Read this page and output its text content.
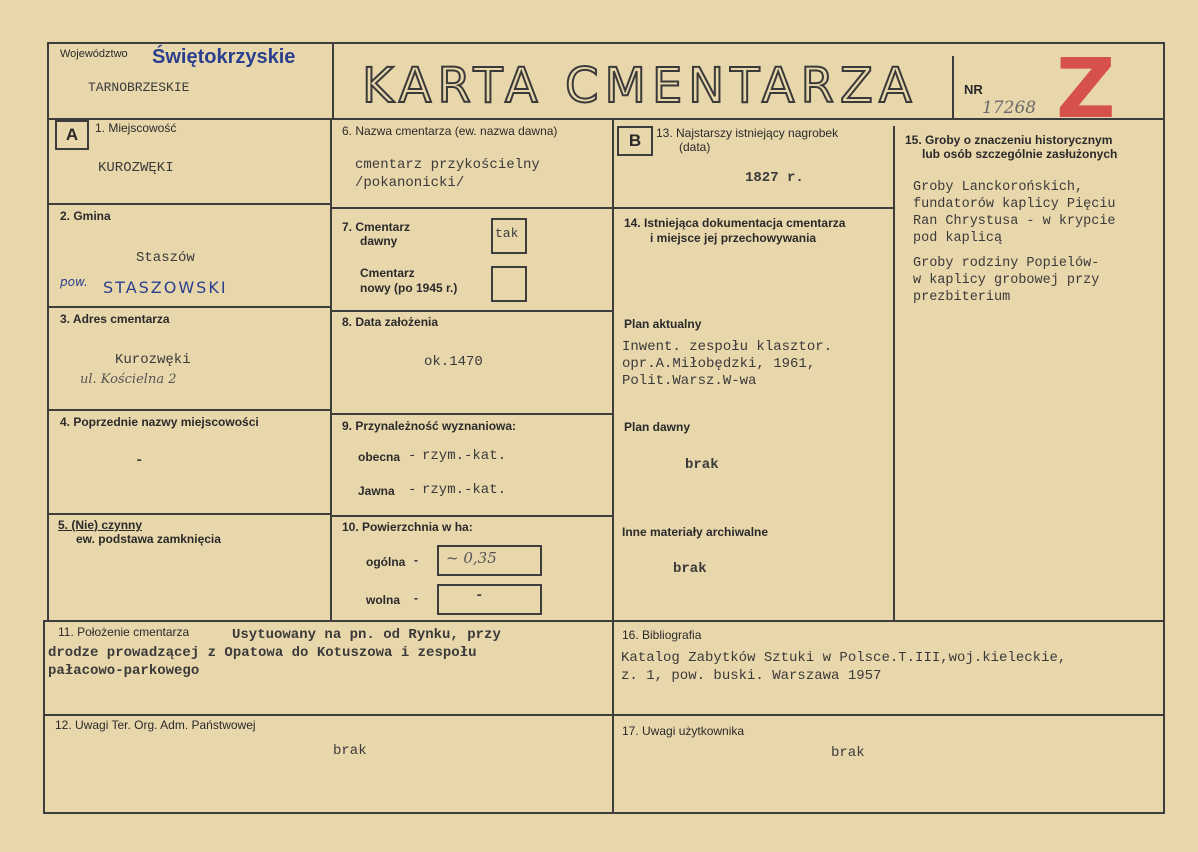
Województwo Świętokrzyskie
TARNOBRZESKIE	KARTA CMENTARZA	NR
17268 Z
A	B
1. Miejscowość
KUROZWĘKI
2. Gmina
Staszów
pow. STASZOWSKI
3. Adres cmentarza
Kurozwęki
ul. Kościelna 2
4. Poprzednie nazwy miejscowości
-
5. (Nie) czynny
ew. podstawa zamknięcia
6. Nazwa cmentarza (ew. nazwa dawna)
cmentarz przykościelny
/pokanonicki/
7. Cmentarz
dawny	tak
Cmentarz
nowy (po 1945 r.)
8. Data założenia
ok.1470
9. Przynależność wyznaniowa:
obecna - rzym.-kat.
Jawna - rzym.-kat.
10. Powierzchnia w ha:
ogólna - ~ 0,35
wolna -	-
13. Najstarszy istniejący nagrobek
(data)
1827 r.
14. Istniejąca dokumentacja cmentarza
i miejsce jej przechowywania
Plan aktualny
Inwent. zespołu klasztor.
opr.A.Miłobędzki, 1961,
Polit.Warsz.W-wa
Plan dawny
brak
Inne materiały archiwalne
brak
15. Groby o znaczeniu historycznym
lub osób szczególnie zasłużonych
Groby Lanckorońskich,
fundatorów kaplicy Pięciu
Ran Chrystusa - w krypcie
pod kaplicą
Groby rodziny Popielów-
w kaplicy grobowej przy
prezbiterium
11. Położenie cmentarza	Usytuowany na pn. od Rynku, przy
drodze prowadzącej z Opatowa do Kotuszowa i zespołu
pałacowo-parkowego
12. Uwagi Ter. Org. Adm. Państwowej
brak
16. Bibliografia
Katalog Zabytków Sztuki w Polsce.T.III,woj.kieleckie,
z. 1, pow. buski. Warszawa 1957
17. Uwagi użytkownika
brak
